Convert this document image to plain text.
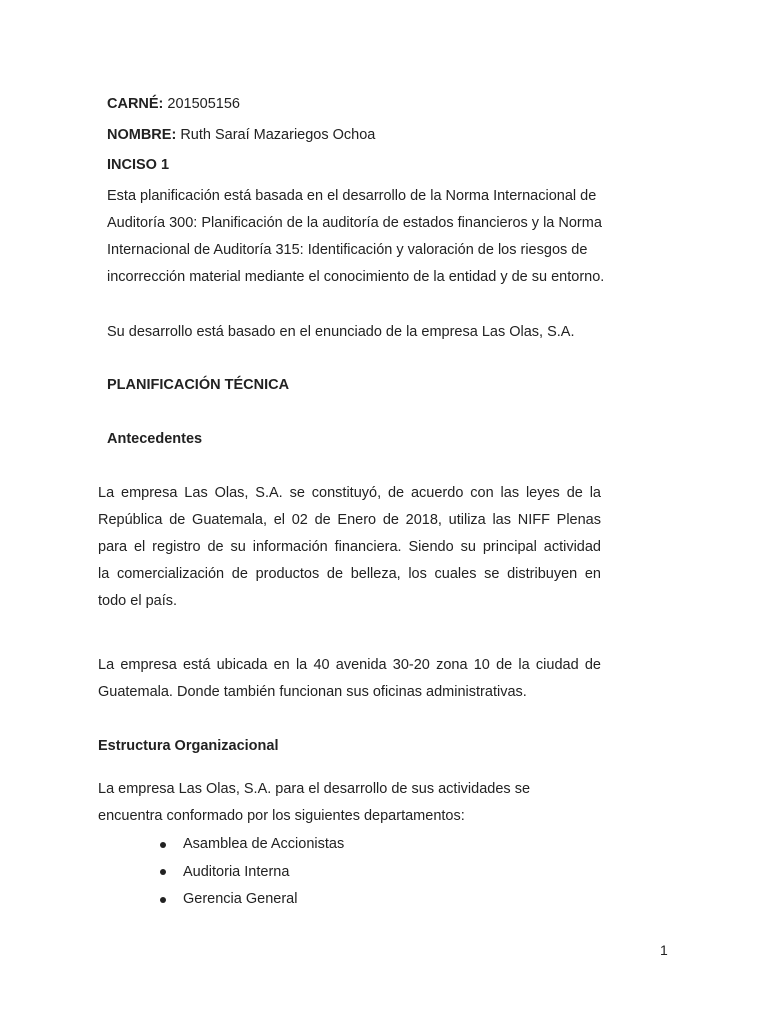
CARNÉ: 201505156

NOMBRE: Ruth Saraí Mazariegos Ochoa

INCISO 1

Esta planificación está basada en el desarrollo de la Norma Internacional de
Auditoría 300: Planificación de la auditoría de estados financieros y la Norma
Internacional de Auditoría 315: Identificación y valoración de los riesgos de
incorrección material mediante el conocimiento de la entidad y de su entorno.

Su desarrollo está basado en el enunciado de la empresa Las Olas, S.A.

PLANIFICACIÓN TÉCNICA

Antecedentes

La empresa Las Olas, S.A. se constituyó, de acuerdo con las leyes de la
República de Guatemala, el 02 de Enero de 2018, utiliza las NIFF Plenas
para el registro de su información financiera. Siendo su principal actividad
la comercialización de productos de belleza, los cuales se distribuyen en
todo el país.
La empresa está ubicada en la 40 avenida 30-20 zona 10 de la ciudad de
Guatemala. Donde también funcionan sus oficinas administrativas.

Estructura Organizacional

La empresa Las Olas, S.A. para el desarrollo de sus actividades se
encuentra conformado por los siguientes departamentos:
Asamblea de Accionistas
Auditoria Interna
Gerencia General
1
